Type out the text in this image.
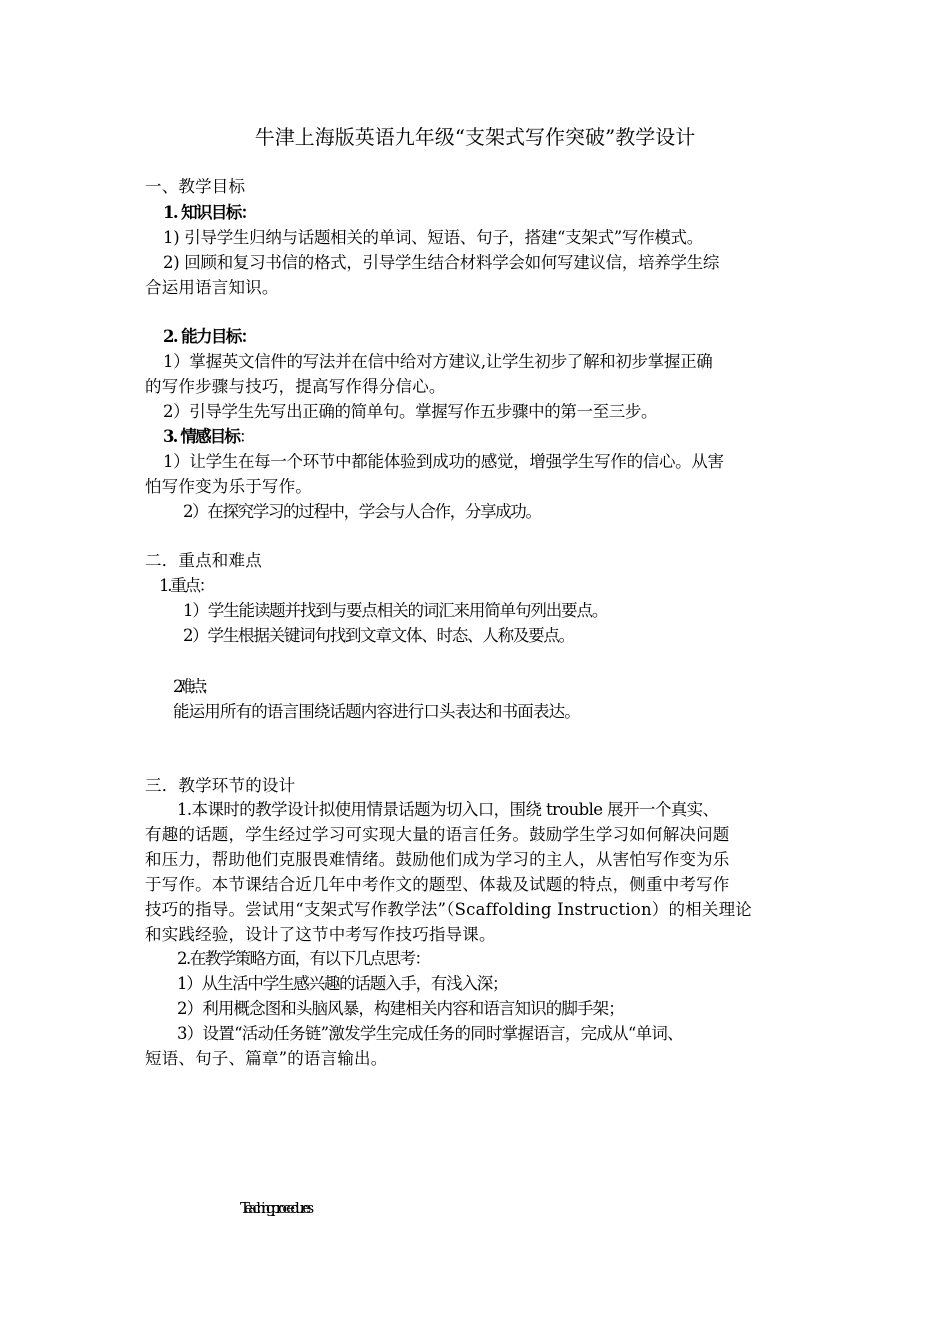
牛津上海版英语九年级“支架式写作突破”教学设计
一、教学目标
1. 知识目标：
1) 引导学生归纳与话题相关的单词、短语、句子，搭建“支架式”写作模式。
2) 回顾和复习书信的格式，引导学生结合材料学会如何写建议信，培养学生综
合运用语言知识。
2. 能力目标：
1）掌握英文信件的写法并在信中给对方建议,让学生初步了解和初步掌握正确
的写作步骤与技巧，提高写作得分信心。
2）引导学生先写出正确的简单句。掌握写作五步骤中的第一至三步。
3. 情感目标：
1）让学生在每一个环节中都能体验到成功的感觉，增强学生写作的信心。从害
怕写作变为乐于写作。
2）在探究学习的过程中，学会与人合作，分享成功。
二．重点和难点
1.重点：
1）学生能读题并找到与要点相关的词汇来用简单句列出要点。
2）学生根据关键词句找到文章文体、时态、人称及要点。
2.难点：
能运用所有的语言围绕话题内容进行口头表达和书面表达。
三．教学环节的设计
1.本课时的教学设计拟使用情景话题为切入口，围绕 trouble 展开一个真实、
有趣的话题，学生经过学习可实现大量的语言任务。鼓励学生学习如何解决问题
和压力，帮助他们克服畏难情绪。鼓励他们成为学习的主人，从害怕写作变为乐
于写作。本节课结合近几年中考作文的题型、体裁及试题的特点，侧重中考写作
技巧的指导。尝试用“支架式写作教学法”（Scaffolding Instruction）的相关理论
和实践经验，设计了这节中考写作技巧指导课。
2.在教学策略方面，有以下几点思考：
1）从生活中学生感兴趣的话题入手，有浅入深；
2）利用概念图和头脑风暴，构建相关内容和语言知识的脚手架；
3）设置“活动任务链”激发学生完成任务的同时掌握语言，完成从“单词、
短语、句子、篇章”的语言输出。
Teaching procedures
